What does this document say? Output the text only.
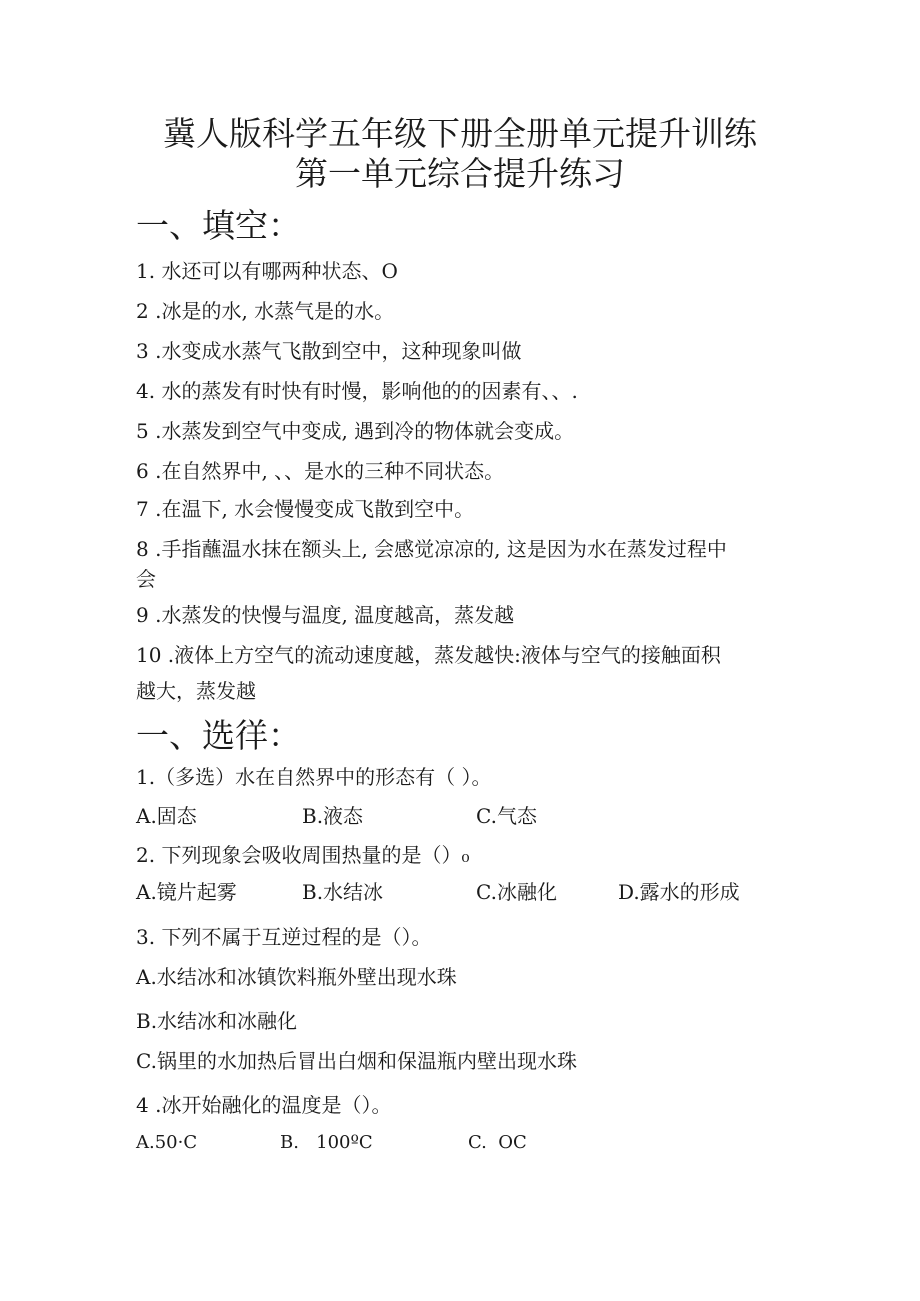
冀人版科学五年级下册全册单元提升训练
第一单元综合提升练习
一、填空：
1. 水还可以有哪两种状态、O
2 .冰是的水, 水蒸气是的水。
3 .水变成水蒸气飞散到空中，这种现象叫做
4. 水的蒸发有时快有时慢，影响他的的因素有、、.
5 .水蒸发到空气中变成, 遇到冷的物体就会变成。
6 .在自然界中, 、、是水的三种不同状态。
7 .在温下, 水会慢慢变成飞散到空中。
8 .手指蘸温水抹在额头上, 会感觉凉凉的, 这是因为水在蒸发过程中
会
9 .水蒸发的快慢与温度, 温度越高，蒸发越
10 .液体上方空气的流动速度越，蒸发越快:液体与空气的接触面积
越大，蒸发越
一、选徉：
1.（多选）水在自然界中的形态有（ ）。
A.固态	B.液态	C.气态
2. 下列现象会吸收周围热量的是（）₀
A.镜片起雾	B.水结冰	C.冰融化	D.露水的形成
3. 下列不属于互逆过程的是（）。
A.水结冰和冰镇饮料瓶外壁出现水珠
B.水结冰和冰融化
C.锅里的水加热后冒出白烟和保温瓶内壁出现水珠
4 .冰开始融化的温度是（）。
A.50·C	B.   100ºC	C.  OC
